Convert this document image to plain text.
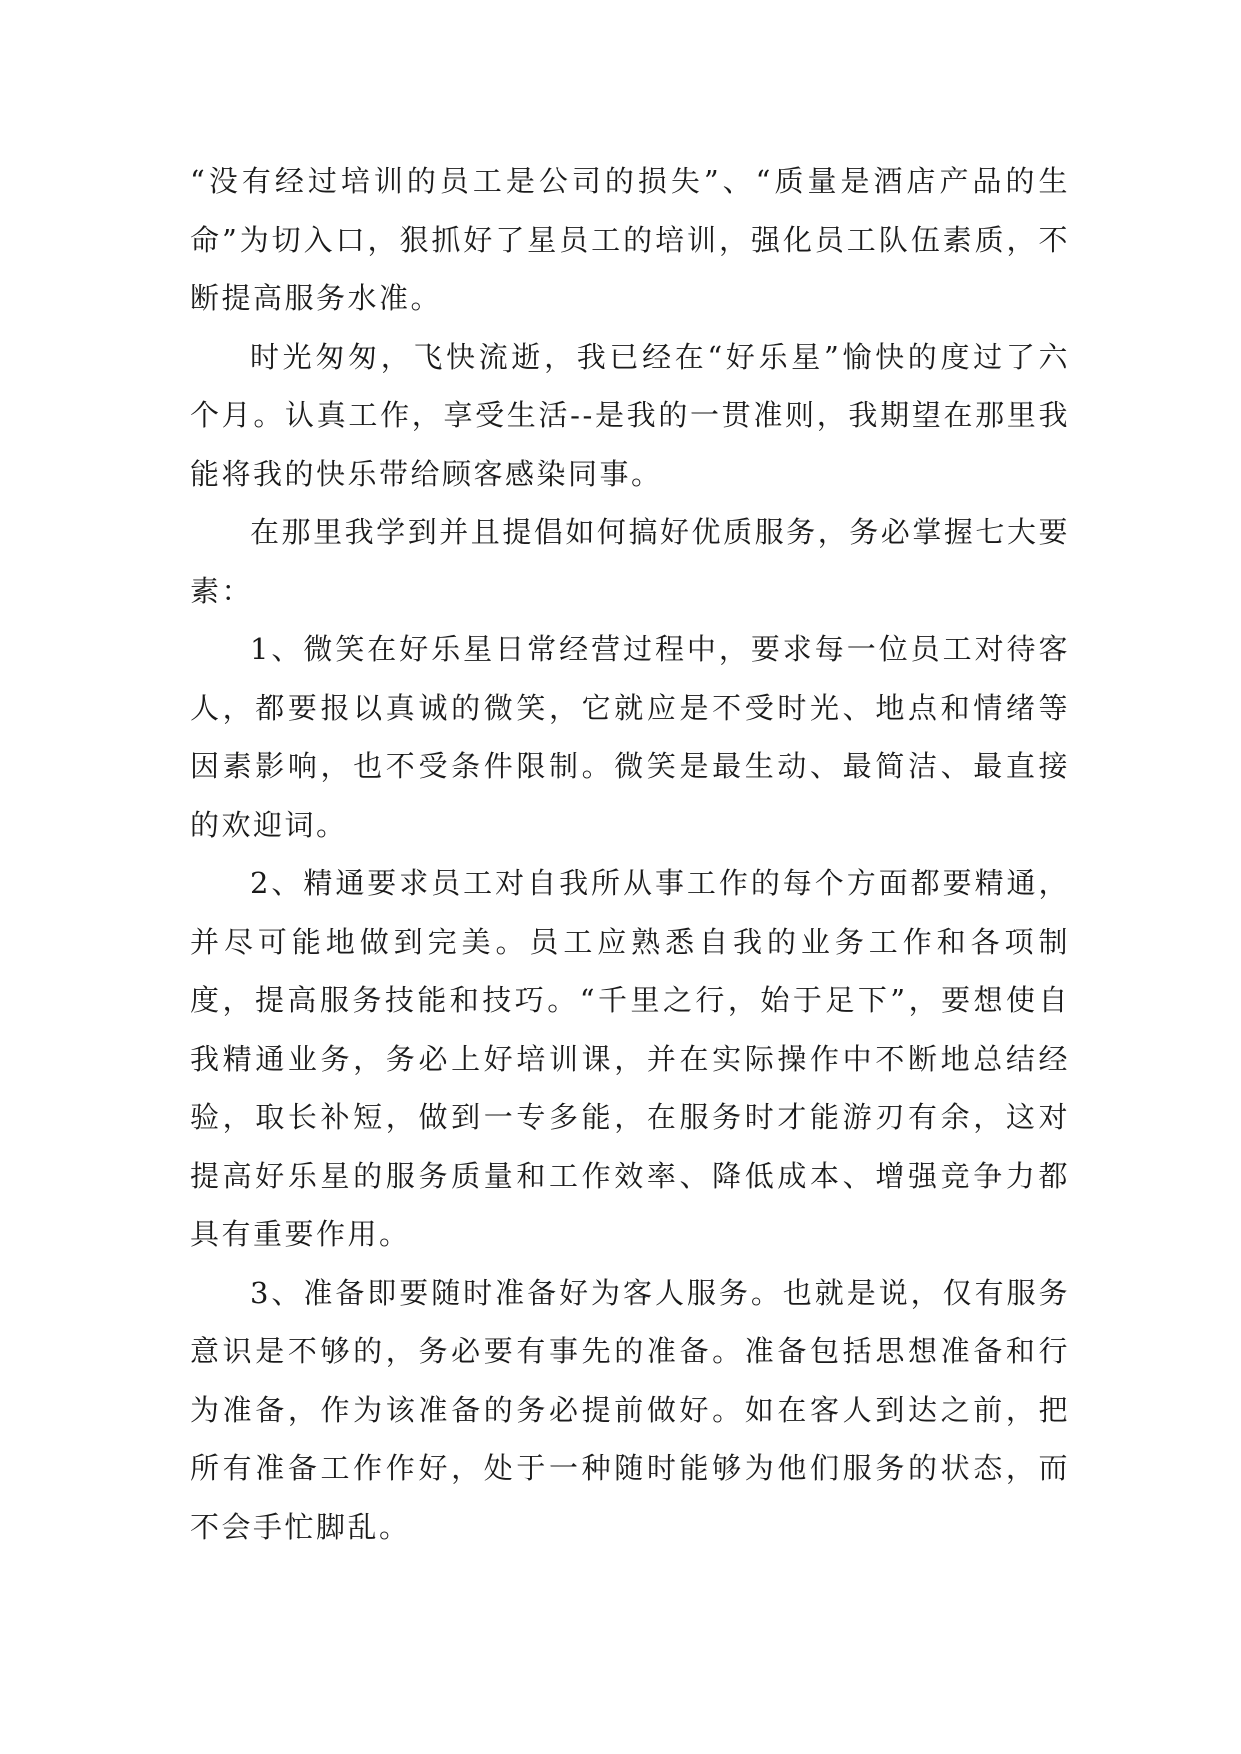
“没有经过培训的员工是公司的损失”、“质量是酒店产品的生命”为切入口，狠抓好了星员工的培训，强化员工队伍素质，不断提高服务水准。

时光匆匆，飞快流逝，我已经在“好乐星”愉快的度过了六个月。认真工作，享受生活--是我的一贯准则，我期望在那里我能将我的快乐带给顾客感染同事。

在那里我学到并且提倡如何搞好优质服务，务必掌握七大要素：

1、微笑在好乐星日常经营过程中，要求每一位员工对待客人，都要报以真诚的微笑，它就应是不受时光、地点和情绪等因素影响，也不受条件限制。微笑是最生动、最简洁、最直接的欢迎词。

2、精通要求员工对自我所从事工作的每个方面都要精通，并尽可能地做到完美。员工应熟悉自我的业务工作和各项制度，提高服务技能和技巧。“千里之行，始于足下”，要想使自我精通业务，务必上好培训课，并在实际操作中不断地总结经验，取长补短，做到一专多能，在服务时才能游刃有余，这对提高好乐星的服务质量和工作效率、降低成本、增强竞争力都具有重要作用。

3、准备即要随时准备好为客人服务。也就是说，仅有服务意识是不够的，务必要有事先的准备。准备包括思想准备和行为准备，作为该准备的务必提前做好。如在客人到达之前，把所有准备工作作好，处于一种随时能够为他们服务的状态，而不会手忙脚乱。
